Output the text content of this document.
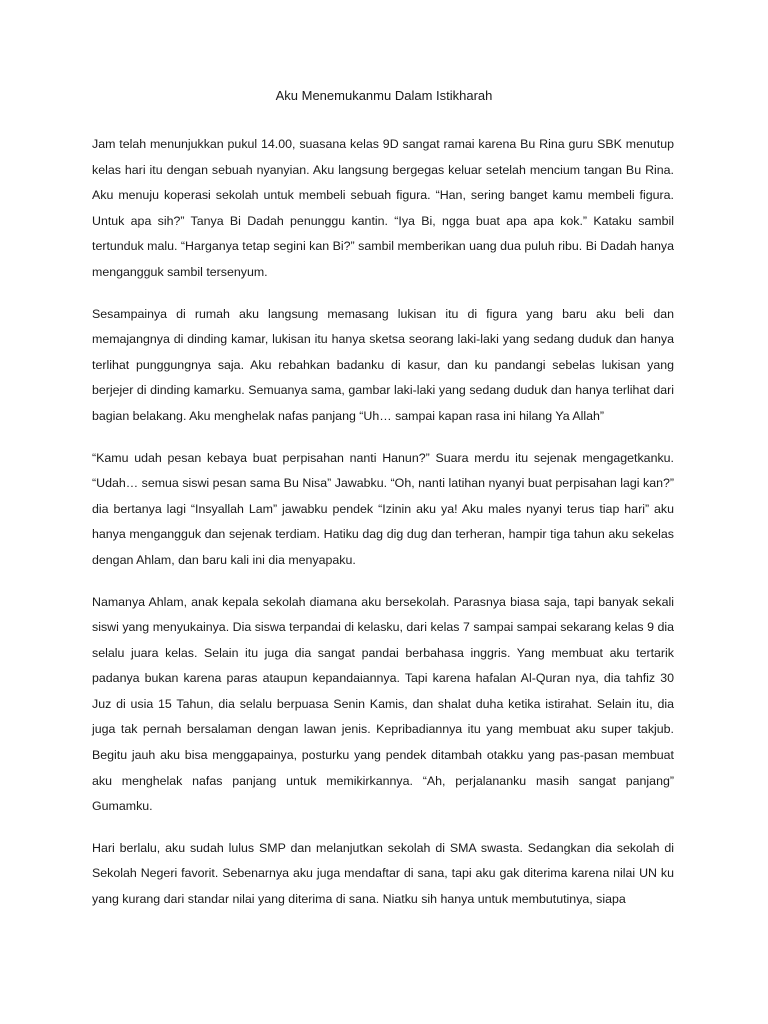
Aku Menemukanmu Dalam Istikharah

Jam telah menunjukkan pukul 14.00, suasana kelas 9D sangat ramai karena Bu Rina guru SBK menutup kelas hari itu dengan sebuah nyanyian. Aku langsung bergegas keluar setelah mencium tangan Bu Rina. Aku menuju koperasi sekolah untuk membeli sebuah figura. “Han, sering banget kamu membeli figura. Untuk apa sih?” Tanya Bi Dadah penunggu kantin. “Iya Bi, ngga buat apa apa kok.” Kataku sambil tertunduk malu. “Harganya tetap segini kan Bi?” sambil memberikan uang dua puluh ribu. Bi Dadah hanya mengangguk sambil tersenyum.

Sesampainya di rumah aku langsung memasang lukisan itu di figura yang baru aku beli dan memajangnya di dinding kamar, lukisan itu hanya sketsa seorang laki-laki yang sedang duduk dan hanya terlihat punggungnya saja. Aku rebahkan badanku di kasur, dan ku pandangi sebelas lukisan yang berjejer di dinding kamarku. Semuanya sama, gambar laki-laki yang sedang duduk dan hanya terlihat dari bagian belakang. Aku menghelak nafas panjang “Uh… sampai kapan rasa ini hilang Ya Allah”

“Kamu udah pesan kebaya buat perpisahan nanti Hanun?” Suara merdu itu sejenak mengagetkanku. “Udah… semua siswi pesan sama Bu Nisa” Jawabku. “Oh, nanti latihan nyanyi buat perpisahan lagi kan?” dia bertanya lagi “Insyallah Lam” jawabku pendek “Izinin aku ya! Aku males nyanyi terus tiap hari” aku hanya mengangguk dan sejenak terdiam. Hatiku dag dig dug dan terheran, hampir tiga tahun aku sekelas dengan Ahlam, dan baru kali ini dia menyapaku.

Namanya Ahlam, anak kepala sekolah diamana aku bersekolah. Parasnya biasa saja, tapi banyak sekali siswi yang menyukainya. Dia siswa terpandai di kelasku, dari kelas 7 sampai sampai sekarang kelas 9 dia selalu juara kelas. Selain itu juga dia sangat pandai berbahasa inggris. Yang membuat aku tertarik padanya bukan karena paras ataupun kepandaiannya. Tapi karena hafalan Al-Quran nya, dia tahfiz 30 Juz di usia 15 Tahun, dia selalu berpuasa Senin Kamis, dan shalat duha ketika istirahat. Selain itu, dia juga tak pernah bersalaman dengan lawan jenis. Kepribadiannya itu yang membuat aku super takjub. Begitu jauh aku bisa menggapainya, posturku yang pendek ditambah otakku yang pas-pasan membuat aku menghelak nafas panjang untuk memikirkannya. “Ah, perjalananku masih sangat panjang” Gumamku.

Hari berlalu, aku sudah lulus SMP dan melanjutkan sekolah di SMA swasta. Sedangkan dia sekolah di Sekolah Negeri favorit. Sebenarnya aku juga mendaftar di sana, tapi aku gak diterima karena nilai UN ku yang kurang dari standar nilai yang diterima di sana. Niatku sih hanya untuk membututinya, siapa
